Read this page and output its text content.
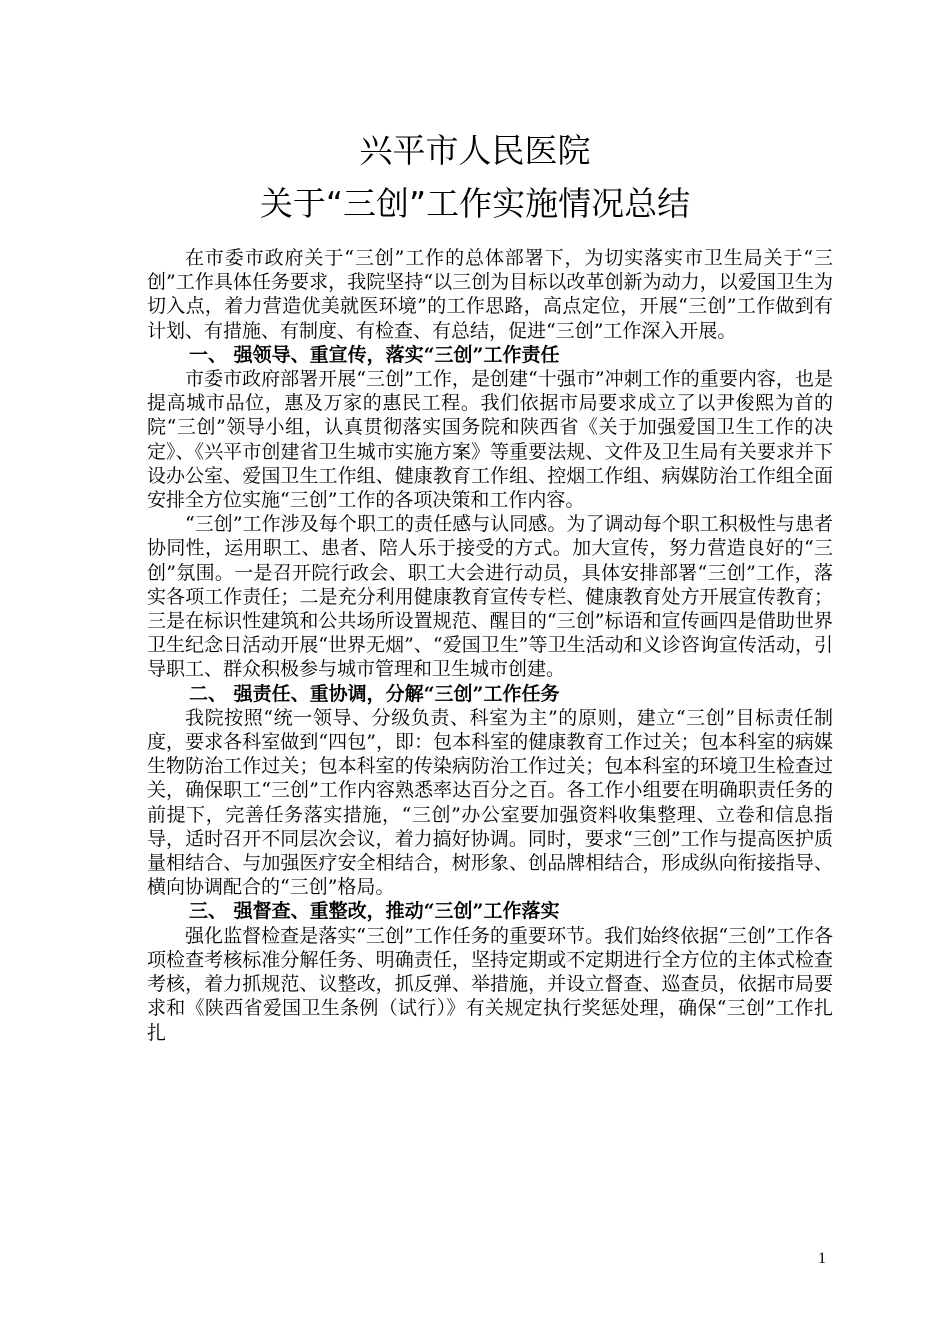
兴平市人民医院
关于“三创”工作实施情况总结

在市委市政府关于“三创”工作的总体部署下，为切实落实市卫生局关于“三创”工作具体任务要求，我院坚持“以三创为目标以改革创新为动力，以爱国卫生为切入点，着力营造优美就医环境”的工作思路，高点定位，开展“三创”工作做到有计划、有措施、有制度、有检查、有总结，促进“三创”工作深入开展。

一、 强领导、重宣传，落实“三创”工作责任

市委市政府部署开展“三创”工作，是创建“十强市”冲刺工作的重要内容，也是提高城市品位，惠及万家的惠民工程。我们依据市局要求成立了以尹俊熙为首的院“三创”领导小组，认真贯彻落实国务院和陕西省《关于加强爱国卫生工作的决定》、《兴平市创建省卫生城市实施方案》等重要法规、文件及卫生局有关要求并下设办公室、爱国卫生工作组、健康教育工作组、控烟工作组、病媒防治工作组全面安排全方位实施“三创”工作的各项决策和工作内容。

“三创”工作涉及每个职工的责任感与认同感。为了调动每个职工积极性与患者协同性，运用职工、患者、陪人乐于接受的方式。加大宣传，努力营造良好的“三创”氛围。一是召开院行政会、职工大会进行动员，具体安排部署“三创”工作，落实各项工作责任；二是充分利用健康教育宣传专栏、健康教育处方开展宣传教育；三是在标识性建筑和公共场所设置规范、醒目的“三创”标语和宣传画四是借助世界卫生纪念日活动开展“世界无烟”、“爱国卫生”等卫生活动和义诊咨询宣传活动，引导职工、群众积极参与城市管理和卫生城市创建。

二、 强责任、重协调，分解“三创”工作任务

我院按照“统一领导、分级负责、科室为主”的原则，建立“三创”目标责任制度，要求各科室做到“四包”，即：包本科室的健康教育工作过关；包本科室的病媒生物防治工作过关；包本科室的传染病防治工作过关；包本科室的环境卫生检查过关，确保职工“三创”工作内容熟悉率达百分之百。各工作小组要在明确职责任务的前提下，完善任务落实措施，“三创”办公室要加强资料收集整理、立卷和信息指导，适时召开不同层次会议，着力搞好协调。同时，要求“三创”工作与提高医护质量相结合、与加强医疗安全相结合，树形象、创品牌相结合，形成纵向衔接指导、横向协调配合的“三创”格局。

三、 强督查、重整改，推动“三创”工作落实

强化监督检查是落实“三创”工作任务的重要环节。我们始终依据“三创”工作各项检查考核标准分解任务、明确责任，坚持定期或不定期进行全方位的主体式检查考核，着力抓规范、议整改，抓反弹、举措施，并设立督查、巡查员，依据市局要求和《陕西省爱国卫生条例（试行）》有关规定执行奖惩处理，确保“三创”工作扎扎

1
